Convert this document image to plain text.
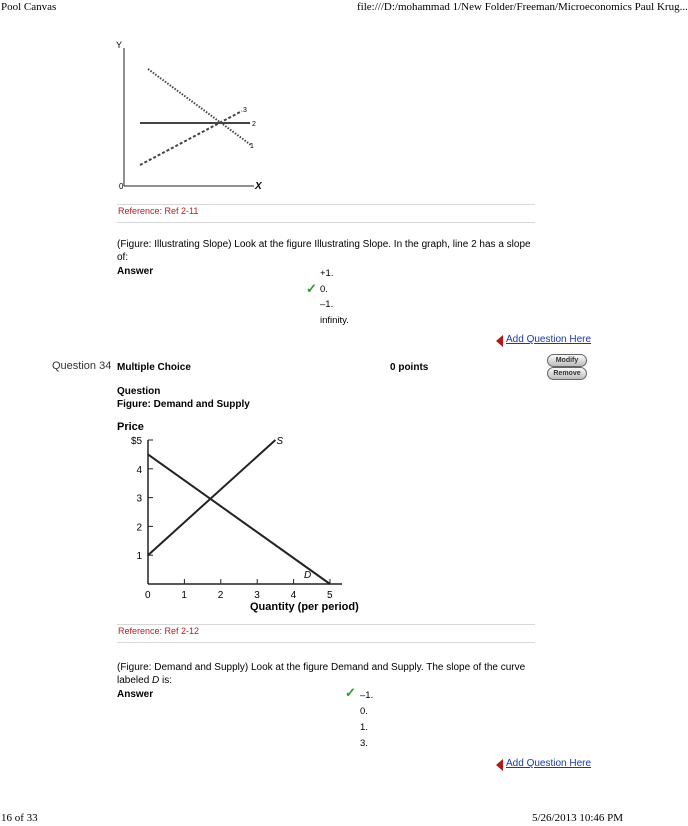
Pool Canvas	file:///D:/mohammad 1/New Folder/Freeman/Microeconomics Paul Krug...
Y
X
0
3
2
1
Reference: Ref 2-11
(Figure: Illustrating Slope) Look at the figure Illustrating Slope. In the graph, line 2 has a slope of:
Answer	+1.
✓ 0.
–1.
infinity.
Add Question Here
Question 34 Multiple Choice	0 points
Modify
Remove
Question
Figure: Demand and Supply
Price
Quantity (per period)
0	1	2	3	4	5
$5
4
3
2
1
S
D
Reference: Ref 2-12
(Figure: Demand and Supply) Look at the figure Demand and Supply. The slope of the curve labeled D is:
Answer	✓ –1.
0.
1.
3.
Add Question Here
16 of 33	5/26/2013 10:46 PM
